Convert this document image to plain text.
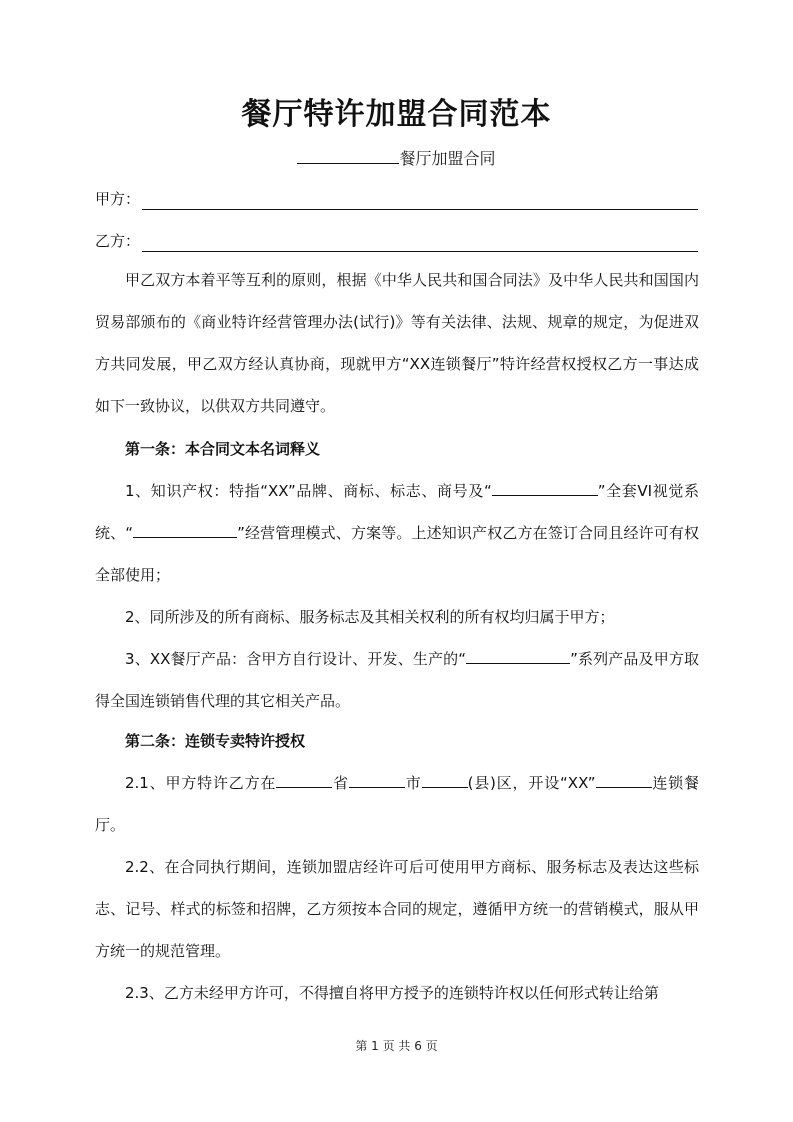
餐厅特许加盟合同范本
餐厅加盟合同
甲方：
乙方：
甲乙双方本着平等互利的原则，根据《中华人民共和国合同法》及中华人民共和国国内贸易部颁布的《商业特许经营管理办法(试行)》等有关法律、法规、规章的规定，为促进双方共同发展，甲乙双方经认真协商，现就甲方“XX连锁餐厅”特许经营权授权乙方一事达成如下一致协议，以供双方共同遵守。
第一条：本合同文本名词释义
1、知识产权：特指“XX”品牌、商标、标志、商号及“	”全套VI视觉系统、“	”经营管理模式、方案等。上述知识产权乙方在签订合同且经许可有权全部使用；
2、同所涉及的所有商标、服务标志及其相关权利的所有权均归属于甲方；
3、XX餐厅产品：含甲方自行设计、开发、生产的“	”系列产品及甲方取得全国连锁销售代理的其它相关产品。
第二条：连锁专卖特许授权
2.1、甲方特许乙方在	省	市	(县)区，开设“XX”	连锁餐厅。
2.2、在合同执行期间，连锁加盟店经许可后可使用甲方商标、服务标志及表达这些标志、记号、样式的标签和招牌，乙方须按本合同的规定，遵循甲方统一的营销模式，服从甲方统一的规范管理。
2.3、乙方未经甲方许可，不得擅自将甲方授予的连锁特许权以任何形式转让给第
第 1 页 共 6 页
